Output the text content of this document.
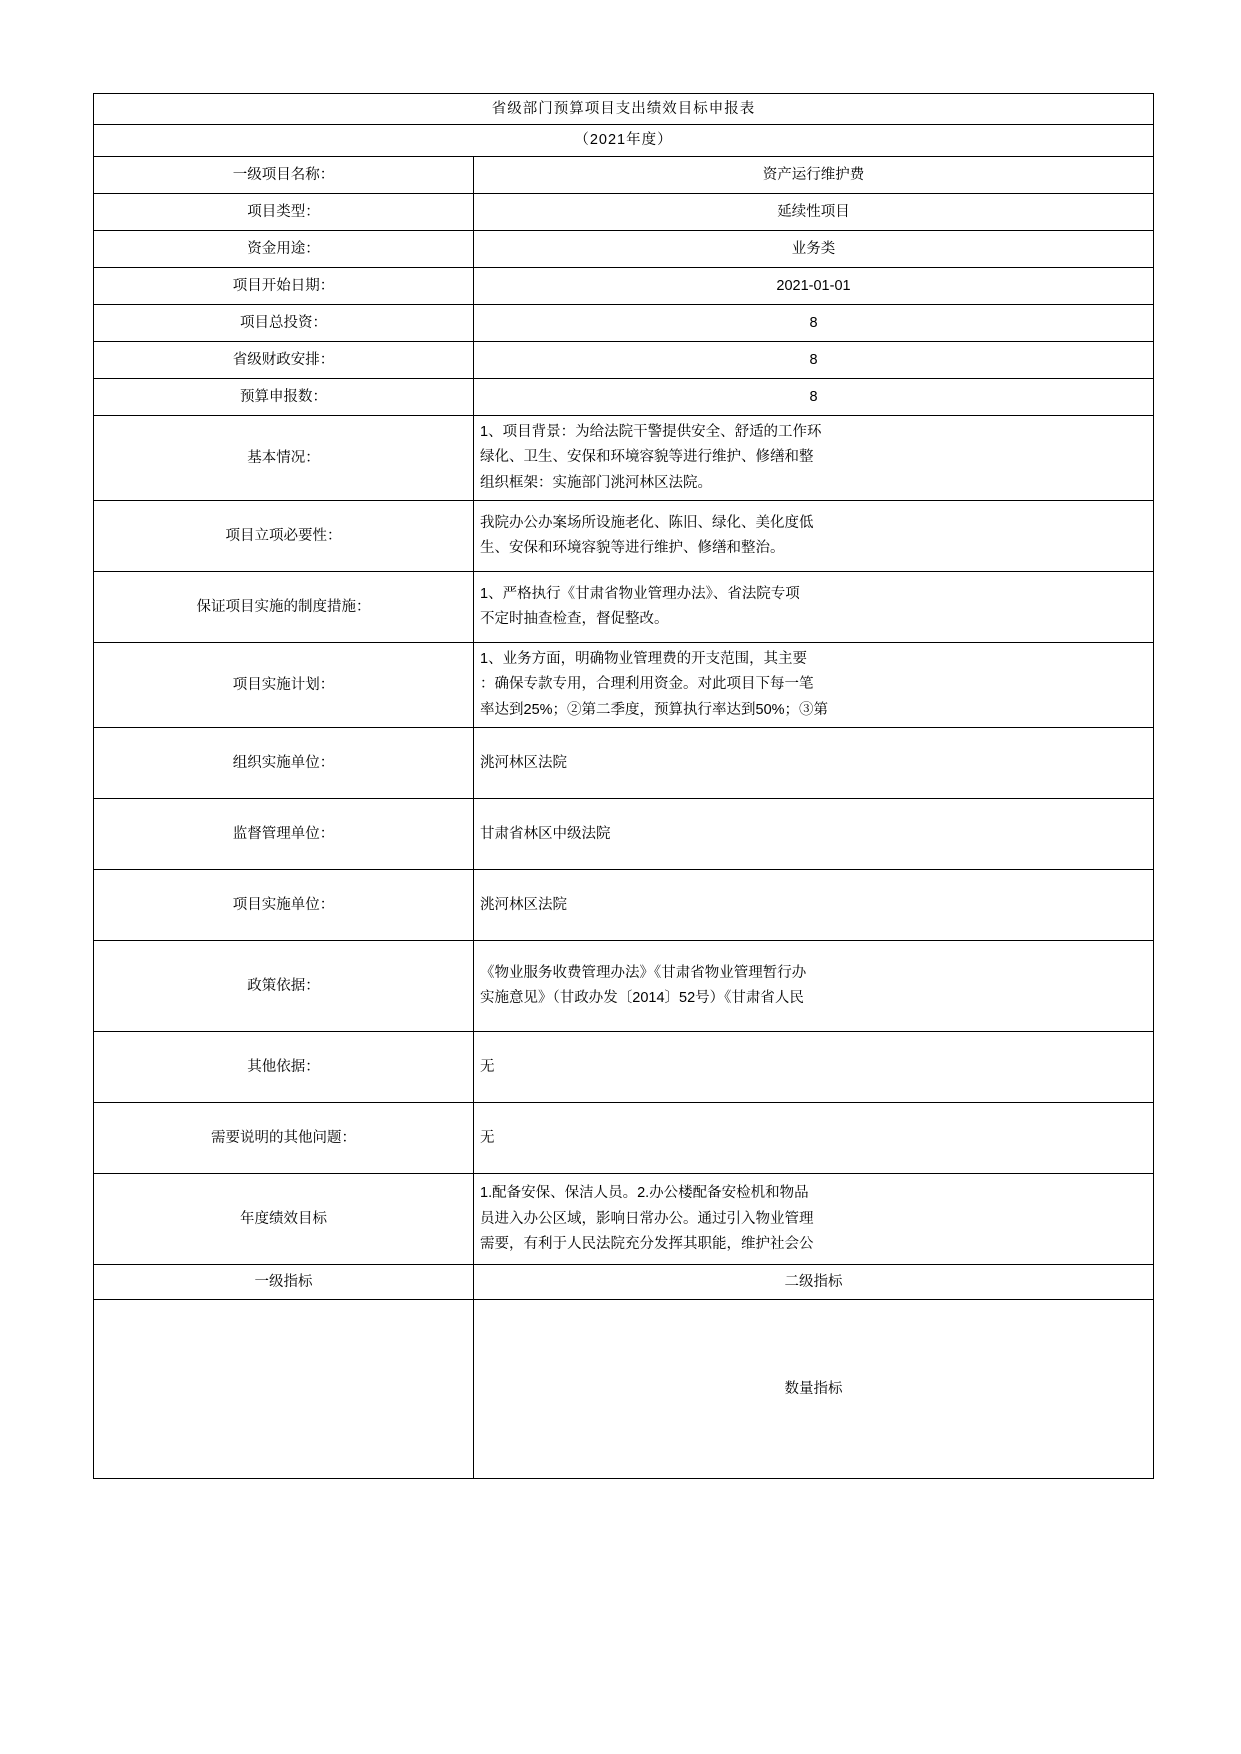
省级部门预算项目支出绩效目标申报表	
（2021年度）	
一级项目名称：	资产运行维护费
项目类型：	延续性项目
资金用途：	业务类
项目开始日期：	2021-01-01
项目总投资：	8
省级财政安排：	8
预算申报数：	8
基本情况：	1、项目背景：为给法院干警提供安全、舒适的工作环
绿化、卫生、安保和环境容貌等进行维护、修缮和整
组织框架：实施部门洮河林区法院。
项目立项必要性：	我院办公办案场所设施老化、陈旧、绿化、美化度低
生、安保和环境容貌等进行维护、修缮和整治。
保证项目实施的制度措施：	1、严格执行《甘肃省物业管理办法》、省法院专项
不定时抽查检查，督促整改。
项目实施计划：	1、业务方面，明确物业管理费的开支范围，其主要
：确保专款专用，合理利用资金。对此项目下每一笔
率达到25%；②第二季度，预算执行率达到50%；③第
组织实施单位：	洮河林区法院
监督管理单位：	甘肃省林区中级法院
项目实施单位：	洮河林区法院
政策依据：	《物业服务收费管理办法》《甘肃省物业管理暂行办
实施意见》（甘政办发〔2014〕52号）《甘肃省人民
其他依据：	无
需要说明的其他问题：	无
年度绩效目标	1.配备安保、保洁人员。2.办公楼配备安检机和物品
员进入办公区域，影响日常办公。通过引入物业管理
需要，有利于人民法院充分发挥其职能，维护社会公
一级指标	二级指标
	数量指标
